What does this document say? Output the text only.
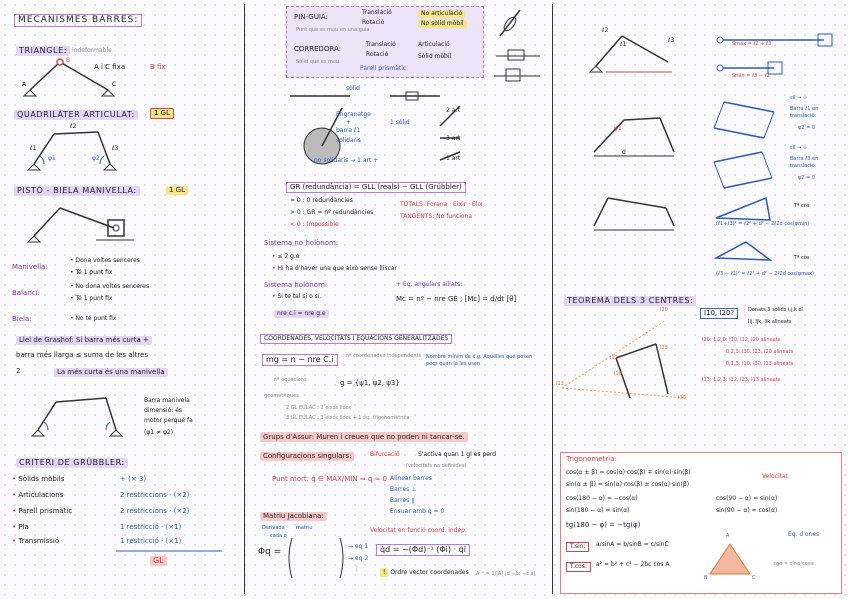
MECANISMES BARRES:
TRIANGLE: indeformable
A
B
C
A i C fixa	B fix
QUADRILÀTER ARTICULAT:	1 GL
ℓ1
ℓ2
ℓ3
φ1	φ2
PISTÓ - BIELA MANIVELLA:	1 GL
Manivella:
• Dona voltes senceres
• Té 1 punt fix
Balancí:
• No dona voltes senceres
• Té 1 punt fix
Biela:	• No té punt fix
Llei de Grashof: Si barra més curta +
barra més llarga ≤ suma de les altres
2	La més curta és una manivella
Barra manivela
dimensió: és
motor perquè fa
(φ1 ≠ φ2)
CRITERI DE GRÜBBLER:
• Sòlids mòbils	+ (× 3)
• Articulacions	2 restriccions · (×2)
• Parell prismàtic	2 restriccions · (×2)
• Pla	1 restricció · (×1)
• Transmissió	1 restricció · (×1)
GL
PIN-GUIA:
Translació
Rotació
No articulació
No sòlid mòbil
Punt que es mou en una guia
CORREDORA:
Translació
Rotació
Articulació
Sòlid mòbil
Sòlid que es mou
Parell prismàtic
sòlid
Engranatge
+
barra ℓ1
solidaris
1 sòlid
no solidaris → 1 art +
2 art
3 art
1 art
GR (redundància) = GLL (reals) − GLL (Grübbler)
= 0 : 0 redundàncies
> 0 : GR = nº redundàncies
< 0 : Impossible
TOTALS: Forana · Eixir · Elix
TANGENTS: No funciona
Sistema no holònom:
• ≤ 2 g.e
• Hi ha d'haver una que això sense lliscar
Sistema holònom:	+ Eq. angulars aïllats:
• Si te tal si o sí.	Mc = nº − nre GE ; [Mc] = d/dt [θ]
nre c.i = nre g.e
COORDENADES, VELOCITATS I EQUACIONS GENERALITZADES
mg = n − nre C.i	nº coordenades independents Nombre mínim de c.g. Aquelles que posen pocs quan la les usen
nº equacions	g = {ψ1, ψ2, ψ3}
geometriques
2 GL EULAC : 2 eixos llocs
3 GL EULAC : 3 eixos llocs + 1 eq. trigonomètrica
Grups d'Assur: Muren i creuen que no poden ni tancar-se.
Configuracions singulars:	Bifurcació	S'activa quan 1 gl es perd
(velocitats no definides)
Punt mort: q̇ ∈ MAX/MIN ⇒ q̇ ≈ 0 Alinear barres
Barres ⊥
Barres ∥
Ensuar amb q̇ = 0
Matriu Jacobiana:
Derivada matriu
cada q
Φq =
→ eq 1
→ eq 2
⋮
Velocitat en funció coord. indep.
q̇d = −(Φd)⁻¹ (Φi) · q̇i
! Ordre vector coordenades A⁻¹ = 1/|A| (d −b; −c a)
ℓ1
ℓ2
ℓ3	Smax = ℓ2 + ℓ3
Smin = ℓ3 − ℓ2
d
φ1
cil → ∞
Barra ℓ1 en translació:
φ2 = 0
cil → ∞
Barra ℓ3 en translació:
φ2 = 0
Tª cos
(ℓ1+ℓ3)² = ℓ2² + d² − 2ℓ2d cos(φmin)
Tª cos
(ℓ3 − ℓ1)² = ℓ2² + d² − 2ℓ2d cos(φmax)
TEOREMA DELS 3 CENTRES:
I10
I20
I30
I12
I23
I13
I10, I20?	Donats 3 sòlids i,j,k el
Iij, Ijk, Iik alineats
I20: 1,2,0: I10, I12, I20 alineats
0,2,3: I30, I23, I20 alineats
0,1,3: I10, I30, I13 alineats
I13: 1,2,3: I12, I23, I13 alineats
Trigonometria:
cos(α ± β) = cos(α)·cos(β) ∓ sin(α)·sin(β)
sin(α ± β) = sin(α)·cos(β) ± cos(α)·sin(β)
cos(180 − α) = −cos(α)
sin(180 − α) = sin(α)
cos(90 − α) = sin(α)
sin(90 − α) = cos(α)
Velocitat
tg(180 − φ) = −tg(φ)
Eq. d'ones
T.sin:	a/sinA = b/sinB = c/sinC
T.cos:	a² = b² + c² − 2bc cos A
A
B	C
tgα = sinα/cosα
